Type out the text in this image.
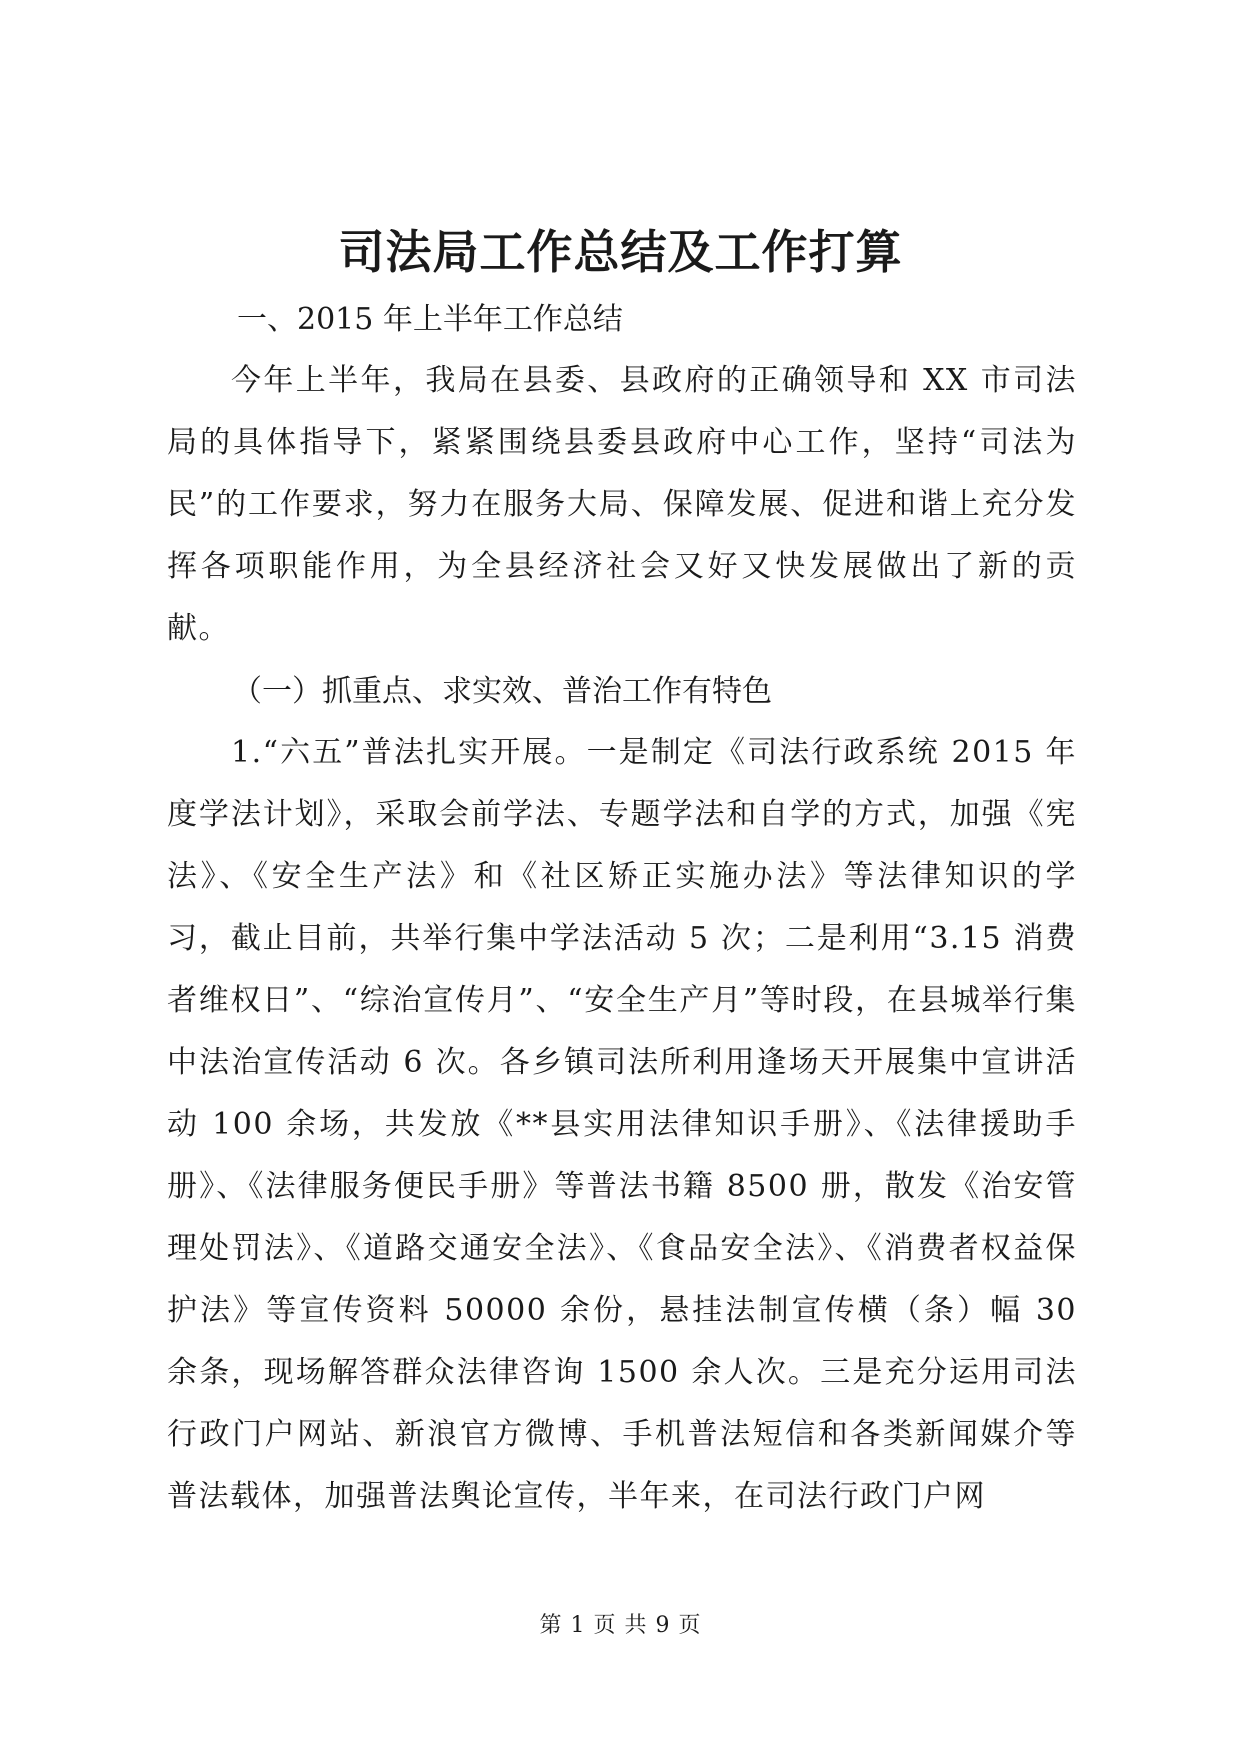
司法局工作总结及工作打算

一、2015 年上半年工作总结

今年上半年，我局在县委、县政府的正确领导和 XX 市司法局的具体指导下，紧紧围绕县委县政府中心工作，坚持“司法为民”的工作要求，努力在服务大局、保障发展、促进和谐上充分发挥各项职能作用，为全县经济社会又好又快发展做出了新的贡献。

（一）抓重点、求实效、普治工作有特色

1.“六五”普法扎实开展。一是制定《司法行政系统 2015 年度学法计划》，采取会前学法、专题学法和自学的方式，加强《宪法》、《安全生产法》和《社区矫正实施办法》等法律知识的学习，截止目前，共举行集中学法活动 5 次；二是利用“3.15 消费者维权日”、“综治宣传月”、“安全生产月”等时段，在县城举行集中法治宣传活动 6 次。各乡镇司法所利用逢场天开展集中宣讲活动 100 余场，共发放《**县实用法律知识手册》、《法律援助手册》、《法律服务便民手册》等普法书籍 8500 册，散发《治安管理处罚法》、《道路交通安全法》、《食品安全法》、《消费者权益保护法》等宣传资料 50000 余份，悬挂法制宣传横（条）幅 30 余条，现场解答群众法律咨询 1500 余人次。三是充分运用司法行政门户网站、新浪官方微博、手机普法短信和各类新闻媒介等普法载体，加强普法舆论宣传，半年来，在司法行政门户网

第 1 页 共 9 页
